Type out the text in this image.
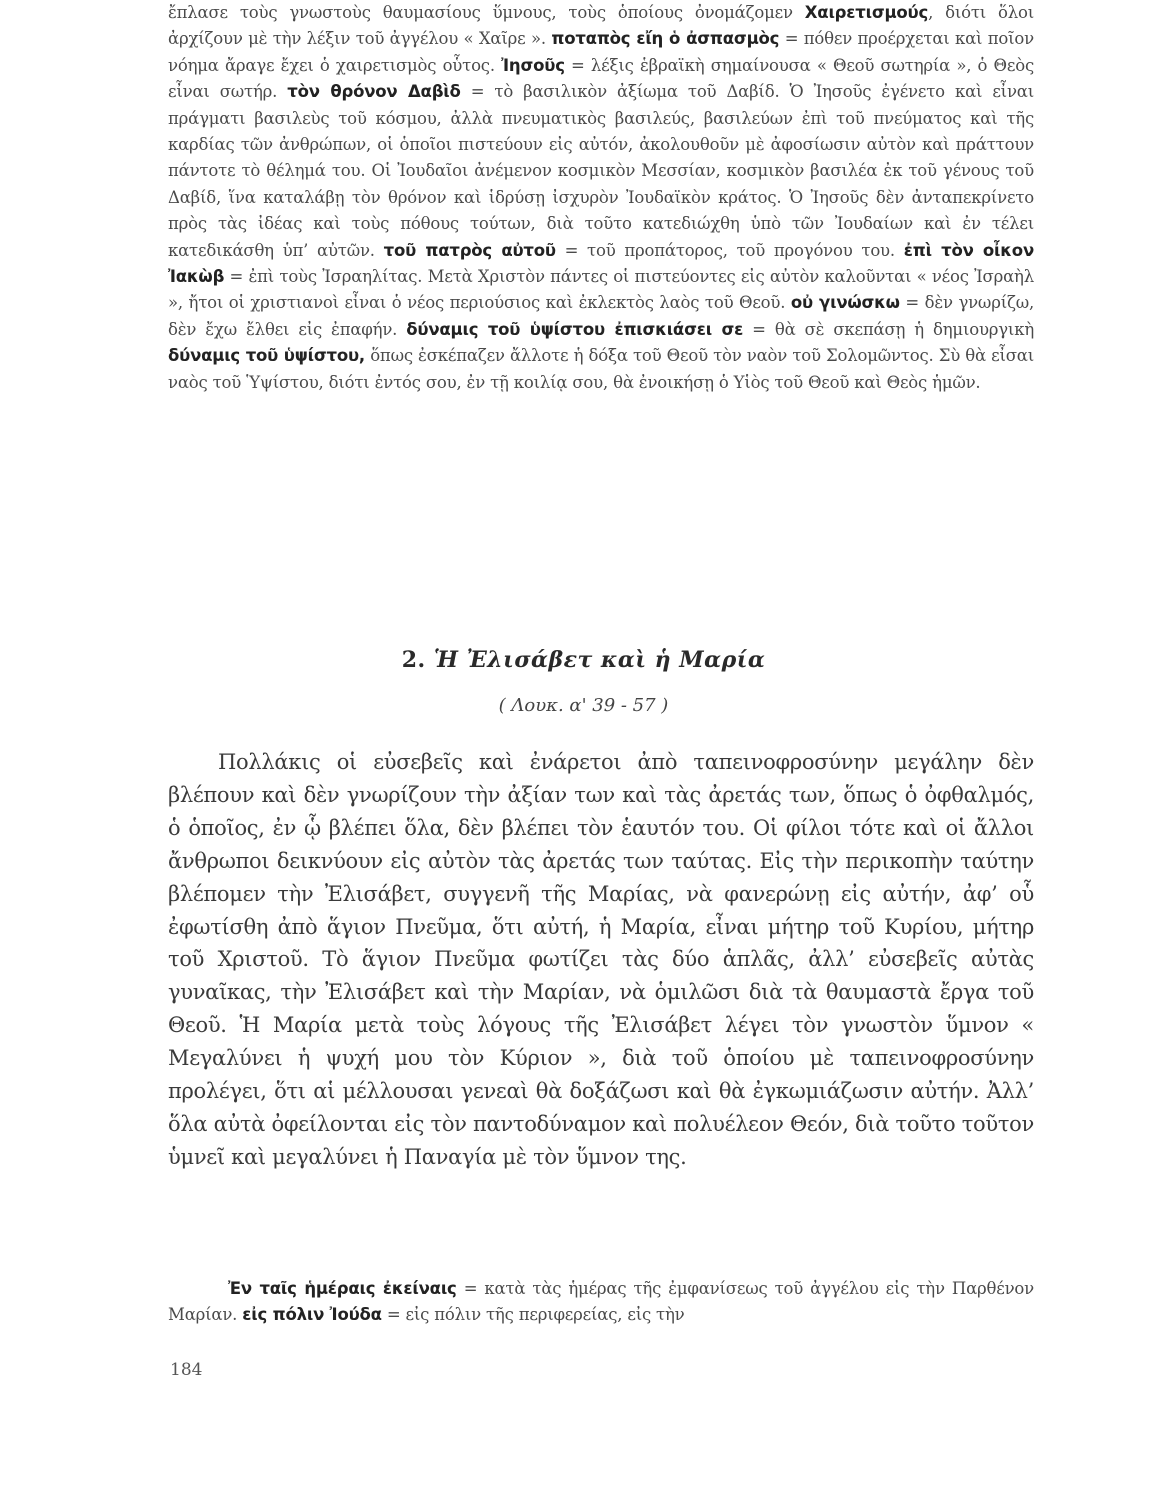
ἔπλασε τοὺς γνωστοὺς θαυμασίους ὕμνους, τοὺς ὁποίους ὀνομάζομεν Χαιρετισμούς, διότι ὅλοι ἀρχίζουν μὲ τὴν λέξιν τοῦ ἀγγέλου « Χαῖρε ». ποταπὸς εἴη ὁ ἀσπασμὸς = πόθεν προέρχεται καὶ ποῖον νόημα ἄραγε ἔχει ὁ χαιρετισμὸς οὗτος. Ἰησοῦς = λέξις ἑβραϊκὴ σημαίνουσα « Θεοῦ σωτηρία », ὁ Θεὸς εἶναι σωτήρ. τὸν θρόνον Δαβὶδ = τὸ βασιλικὸν ἀξίωμα τοῦ Δαβίδ. Ὁ Ἰησοῦς ἐγένετο καὶ εἶναι πράγματι βασιλεὺς τοῦ κόσμου, ἀλλὰ πνευματικὸς βασιλεύς, βασιλεύων ἐπὶ τοῦ πνεύματος καὶ τῆς καρδίας τῶν ἀνθρώπων, οἱ ὁποῖοι πιστεύουν εἰς αὐτόν, ἀκολουθοῦν μὲ ἀφοσίωσιν αὐτὸν καὶ πράττουν πάντοτε τὸ θέλημά του. Οἱ Ἰουδαῖοι ἀνέμενον κοσμικὸν Μεσσίαν, κοσμικὸν βασιλέα ἐκ τοῦ γένους τοῦ Δαβίδ, ἵνα καταλάβῃ τὸν θρόνον καὶ ἱδρύσῃ ἰσχυρὸν Ἰουδαϊκὸν κράτος. Ὁ Ἰησοῦς δὲν ἀνταπεκρίνετο πρὸς τὰς ἰδέας καὶ τοὺς πόθους τούτων, διὰ τοῦτο κατεδιώχθη ὑπὸ τῶν Ἰουδαίων καὶ ἐν τέλει κατεδικάσθη ὑπ’ αὐτῶν. τοῦ πατρὸς αὐτοῦ = τοῦ προπάτορος, τοῦ προγόνου του. ἐπὶ τὸν οἶκον Ἰακὼβ = ἐπὶ τοὺς Ἰσραηλίτας. Μετὰ Χριστὸν πάντες οἱ πιστεύοντες εἰς αὐτὸν καλοῦνται « νέος Ἰσραὴλ », ἤτοι οἱ χριστιανοὶ εἶναι ὁ νέος περιούσιος καὶ ἐκλεκτὸς λαὸς τοῦ Θεοῦ. οὐ γινώσκω = δὲν γνωρίζω, δὲν ἔχω ἔλθει εἰς ἐπαφήν. δύναμις τοῦ ὑψίστου ἐπισκιάσει σε = θὰ σὲ σκεπάσῃ ἡ δημιουργικὴ δύναμις τοῦ ὑψίστου, ὅπως ἐσκέπαζεν ἄλλοτε ἡ δόξα τοῦ Θεοῦ τὸν ναὸν τοῦ Σολομῶντος. Σὺ θὰ εἶσαι ναὸς τοῦ Ὑψίστου, διότι ἐντός σου, ἐν τῇ κοιλίᾳ σου, θὰ ἐνοικήσῃ ὁ Υἱὸς τοῦ Θεοῦ καὶ Θεὸς ἡμῶν.
2. Ἡ Ἐλισάβετ καὶ ἡ Μαρία
( Λουκ. α' 39 - 57 )
Πολλάκις οἱ εὐσεβεῖς καὶ ἐνάρετοι ἀπὸ ταπεινοφροσύνην μεγάλην δὲν βλέπουν καὶ δὲν γνωρίζουν τὴν ἀξίαν των καὶ τὰς ἀρετάς των, ὅπως ὁ ὀφθαλμός, ὁ ὁποῖος, ἐν ᾧ βλέπει ὅλα, δὲν βλέπει τὸν ἑαυτόν του. Οἱ φίλοι τότε καὶ οἱ ἄλλοι ἄνθρωποι δεικνύουν εἰς αὐτὸν τὰς ἀρετάς των ταύτας. Εἰς τὴν περικοπὴν ταύτην βλέπομεν τὴν Ἐλισάβετ, συγγενῆ τῆς Μαρίας, νὰ φανερώνῃ εἰς αὐτήν, ἀφ’ οὗ ἐφωτίσθη ἀπὸ ἅγιον Πνεῦμα, ὅτι αὐτή, ἡ Μαρία, εἶναι μήτηρ τοῦ Κυρίου, μήτηρ τοῦ Χριστοῦ. Τὸ ἅγιον Πνεῦμα φωτίζει τὰς δύο ἁπλᾶς, ἀλλ’ εὐσεβεῖς αὐτὰς γυναῖκας, τὴν Ἐλισάβετ καὶ τὴν Μαρίαν, νὰ ὁμιλῶσι διὰ τὰ θαυμαστὰ ἔργα τοῦ Θεοῦ. Ἡ Μαρία μετὰ τοὺς λόγους τῆς Ἐλισάβετ λέγει τὸν γνωστὸν ὕμνον « Μεγαλύνει ἡ ψυχή μου τὸν Κύριον », διὰ τοῦ ὁποίου μὲ ταπεινοφροσύνην προλέγει, ὅτι αἱ μέλλουσαι γενεαὶ θὰ δοξάζωσι καὶ θὰ ἐγκωμιάζωσιν αὐτήν. Ἀλλ’ ὅλα αὐτὰ ὀφείλονται εἰς τὸν παντοδύναμον καὶ πολυέλεον Θεόν, διὰ τοῦτο τοῦτον ὑμνεῖ καὶ μεγαλύνει ἡ Παναγία μὲ τὸν ὕμνον της.
Ἐν ταῖς ἡμέραις ἐκείναις = κατὰ τὰς ἡμέρας τῆς ἐμφανίσεως τοῦ ἀγγέλου εἰς τὴν Παρθένον Μαρίαν. εἰς πόλιν Ἰούδα = εἰς πόλιν τῆς περιφερείας, εἰς τὴν
184
